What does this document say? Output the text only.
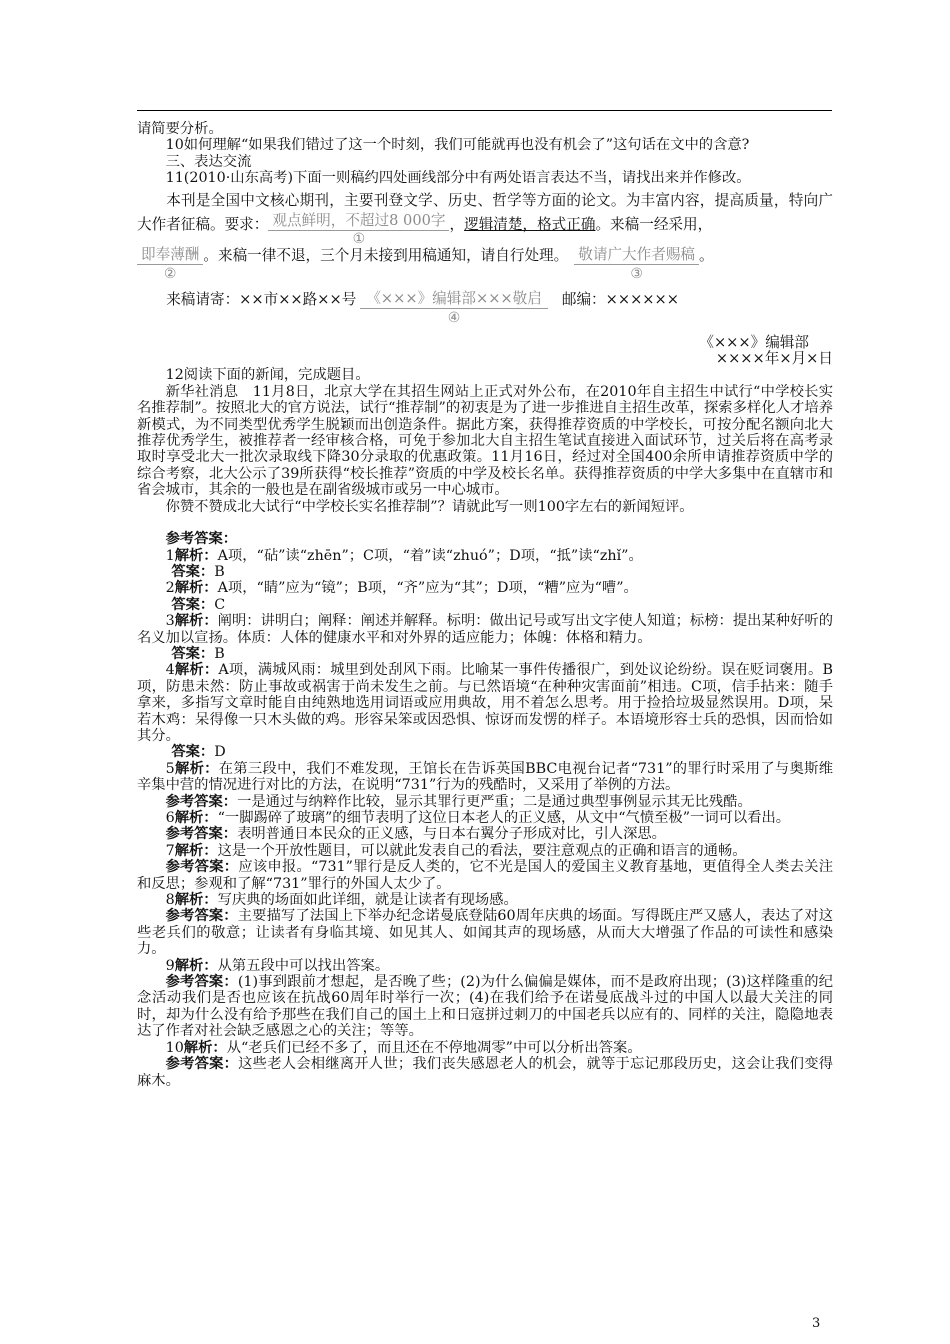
请简要分析。

10如何理解“如果我们错过了这一个时刻，我们可能就再也没有机会了”这句话在文中的含意?

三、表达交流

11(2010·山东高考)下面一则稿约四处画线部分中有两处语言表达不当，请找出来并作修改。

本刊是全国中文核心期刊，主要刊登文学、历史、哲学等方面的论文。为丰富内容，提高质量，特向广大作者征稿。要求： 观点鲜明，不超过8 000字
①
，逻辑清楚，格式正确。来稿一经采用，

即奉薄酬
②
。来稿一律不退，三个月未接到用稿通知，请自行处理。 敬请广大作者赐稿
③
。

来稿请寄：××市××路××号 《×××》编辑部×××敬启
④
邮编：××××××

《×××》编辑部

××××年×月×日

12阅读下面的新闻，完成题目。

新华社消息　11月8日，北京大学在其招生网站上正式对外公布，在2010年自主招生中试行“中学校长实名推荐制”。按照北大的官方说法，试行“推荐制”的初衷是为了进一步推进自主招生改革，探索多样化人才培养新模式，为不同类型优秀学生脱颖而出创造条件。据此方案，获得推荐资质的中学校长，可按分配名额向北大推荐优秀学生，被推荐者一经审核合格，可免于参加北大自主招生笔试直接进入面试环节，过关后将在高考录取时享受北大一批次录取线下降30分录取的优惠政策。11月16日，经过对全国400余所申请推荐资质中学的综合考察，北大公示了39所获得“校长推荐”资质的中学及校长名单。获得推荐资质的中学大多集中在直辖市和省会城市，其余的一般也是在副省级城市或另一中心城市。

你赞不赞成北大试行“中学校长实名推荐制”？请就此写一则100字左右的新闻短评。

参考答案：

1解析：A项，“砧”读“zhēn”；C项，“着”读“zhuó”；D项，“抵”读“zhǐ”。

答案：B

2解析：A项，“睛”应为“镜”；B项，“齐”应为“其”；D项，“糟”应为“嘈”。

答案：C

3解析：阐明：讲明白；阐释：阐述并解释。标明：做出记号或写出文字使人知道；标榜：提出某种好听的名义加以宣扬。体质：人体的健康水平和对外界的适应能力；体魄：体格和精力。

答案：B

4解析：A项，满城风雨：城里到处刮风下雨。比喻某一事件传播很广，到处议论纷纷。误在贬词褒用。B项，防患未然：防止事故或祸害于尚未发生之前。与已然语境“在种种灾害面前”相违。C项，信手拈来：随手拿来，多指写文章时能自由纯熟地选用词语或应用典故，用不着怎么思考。用于捡拾垃圾显然误用。D项，呆若木鸡：呆得像一只木头做的鸡。形容呆笨或因恐惧、惊讶而发愣的样子。本语境形容士兵的恐惧，因而恰如其分。

答案：D

5解析：在第三段中，我们不难发现，王馆长在告诉英国BBC电视台记者“731”的罪行时采用了与奥斯维辛集中营的情况进行对比的方法，在说明“731”行为的残酷时，又采用了举例的方法。

参考答案：一是通过与纳粹作比较，显示其罪行更严重；二是通过典型事例显示其无比残酷。

6解析：“一脚踢碎了玻璃”的细节表明了这位日本老人的正义感，从文中“气愤至极”一词可以看出。

参考答案：表明普通日本民众的正义感，与日本右翼分子形成对比，引人深思。

7解析：这是一个开放性题目，可以就此发表自己的看法，要注意观点的正确和语言的通畅。

参考答案：应该申报。“731”罪行是反人类的，它不光是国人的爱国主义教育基地，更值得全人类去关注和反思；参观和了解“731”罪行的外国人太少了。

8解析：写庆典的场面如此详细，就是让读者有现场感。

参考答案：主要描写了法国上下举办纪念诺曼底登陆60周年庆典的场面。写得既庄严又感人，表达了对这些老兵们的敬意；让读者有身临其境、如见其人、如闻其声的现场感，从而大大增强了作品的可读性和感染力。

9解析：从第五段中可以找出答案。

参考答案：(1)事到跟前才想起，是否晚了些；(2)为什么偏偏是媒体，而不是政府出现；(3)这样隆重的纪念活动我们是否也应该在抗战60周年时举行一次；(4)在我们给予在诺曼底战斗过的中国人以最大关注的同时，却为什么没有给予那些在我们自己的国土上和日寇拼过刺刀的中国老兵以应有的、同样的关注，隐隐地表达了作者对社会缺乏感恩之心的关注；等等。

10解析：从“老兵们已经不多了，而且还在不停地凋零”中可以分析出答案。

参考答案：这些老人会相继离开人世；我们丧失感恩老人的机会，就等于忘记那段历史，这会让我们变得麻木。

3
